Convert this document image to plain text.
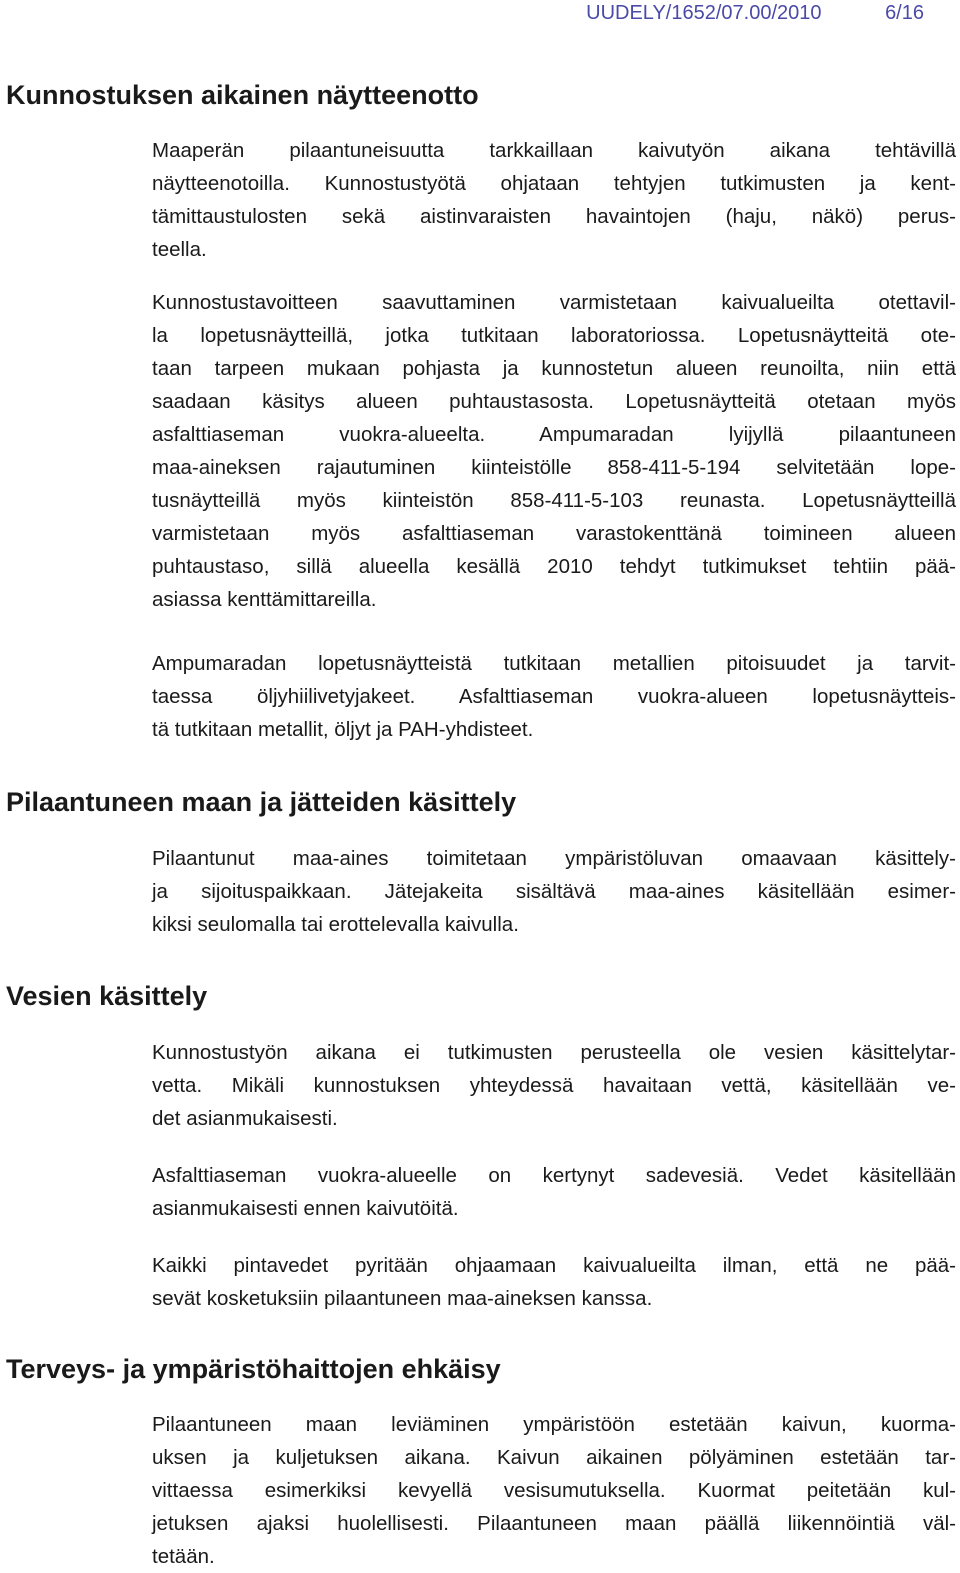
UUDELY/1652/07.00/2010	6/16
Kunnostuksen aikainen näytteenotto
Maaperän pilaantuneisuutta tarkkaillaan kaivutyön aikana tehtävillä
näytteenotoilla. Kunnostustyötä ohjataan tehtyjen tutkimusten ja kent-
tämittaustulosten sekä aistinvaraisten havaintojen (haju, näkö) perus-
teella.
Kunnostustavoitteen saavuttaminen varmistetaan kaivualueilta otettavil-
la lopetusnäytteillä, jotka tutkitaan laboratoriossa. Lopetusnäytteitä ote-
taan tarpeen mukaan pohjasta ja kunnostetun alueen reunoilta, niin että
saadaan käsitys alueen puhtaustasosta. Lopetusnäytteitä otetaan myös
asfalttiaseman vuokra-alueelta. Ampumaradan lyijyllä pilaantuneen
maa-aineksen rajautuminen kiinteistölle 858-411-5-194 selvitetään lope-
tusnäytteillä myös kiinteistön 858-411-5-103 reunasta. Lopetusnäytteillä
varmistetaan myös asfalttiaseman varastokenttänä toimineen alueen
puhtaustaso, sillä alueella kesällä 2010 tehdyt tutkimukset tehtiin pää-
asiassa kenttämittareilla.
Ampumaradan lopetusnäytteistä tutkitaan metallien pitoisuudet ja tarvit-
taessa öljyhiilivetyjakeet. Asfalttiaseman vuokra-alueen lopetusnäytteis-
tä tutkitaan metallit, öljyt ja PAH-yhdisteet.
Pilaantuneen maan ja jätteiden käsittely
Pilaantunut maa-aines toimitetaan ympäristöluvan omaavaan käsittely-
ja sijoituspaikkaan. Jätejakeita sisältävä maa-aines käsitellään esimer-
kiksi seulomalla tai erottelevalla kaivulla.
Vesien käsittely
Kunnostustyön aikana ei tutkimusten perusteella ole vesien käsittelytar-
vetta. Mikäli kunnostuksen yhteydessä havaitaan vettä, käsitellään ve-
det asianmukaisesti.
Asfalttiaseman vuokra-alueelle on kertynyt sadevesiä. Vedet käsitellään
asianmukaisesti ennen kaivutöitä.
Kaikki pintavedet pyritään ohjaamaan kaivualueilta ilman, että ne pää-
sevät kosketuksiin pilaantuneen maa-aineksen kanssa.
Terveys- ja ympäristöhaittojen ehkäisy
Pilaantuneen maan leviäminen ympäristöön estetään kaivun, kuorma-
uksen ja kuljetuksen aikana. Kaivun aikainen pölyäminen estetään tar-
vittaessa esimerkiksi kevyellä vesisumutuksella. Kuormat peitetään kul-
jetuksen ajaksi huolellisesti. Pilaantuneen maan päällä liikennöintiä väl-
tetään.
